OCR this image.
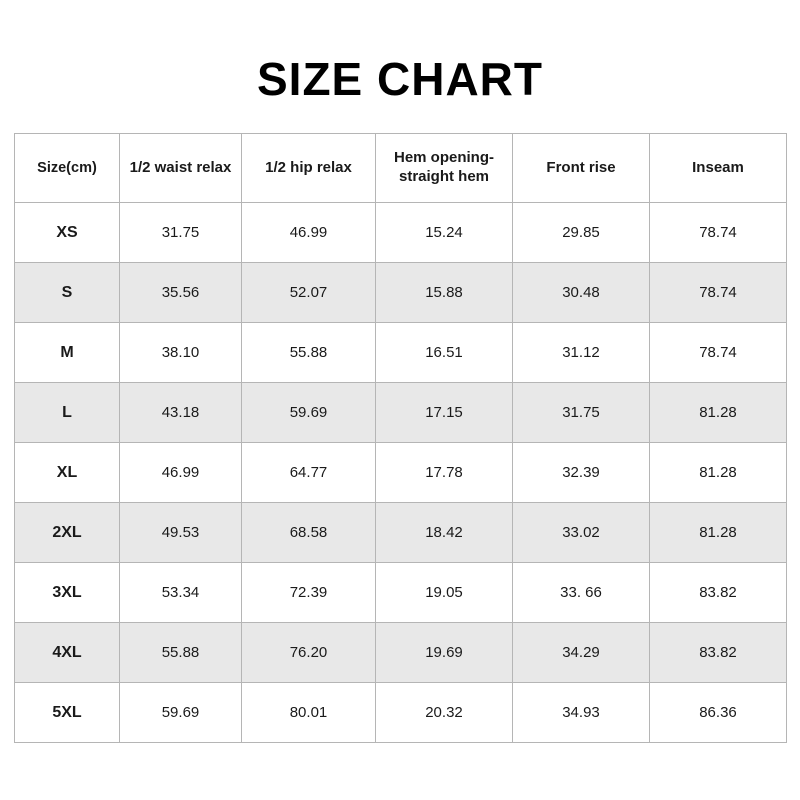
SIZE CHART
Size(cm)	1/2 waist relax	1/2 hip relax	Hem opening-
straight hem	Front rise	Inseam
XS	31.75	46.99	15.24	29.85	78.74
S	35.56	52.07	15.88	30.48	78.74
M	38.10	55.88	16.51	31.12	78.74
L	43.18	59.69	17.15	31.75	81.28
XL	46.99	64.77	17.78	32.39	81.28
2XL	49.53	68.58	18.42	33.02	81.28
3XL	53.34	72.39	19.05	33. 66	83.82
4XL	55.88	76.20	19.69	34.29	83.82
5XL	59.69	80.01	20.32	34.93	86.36
